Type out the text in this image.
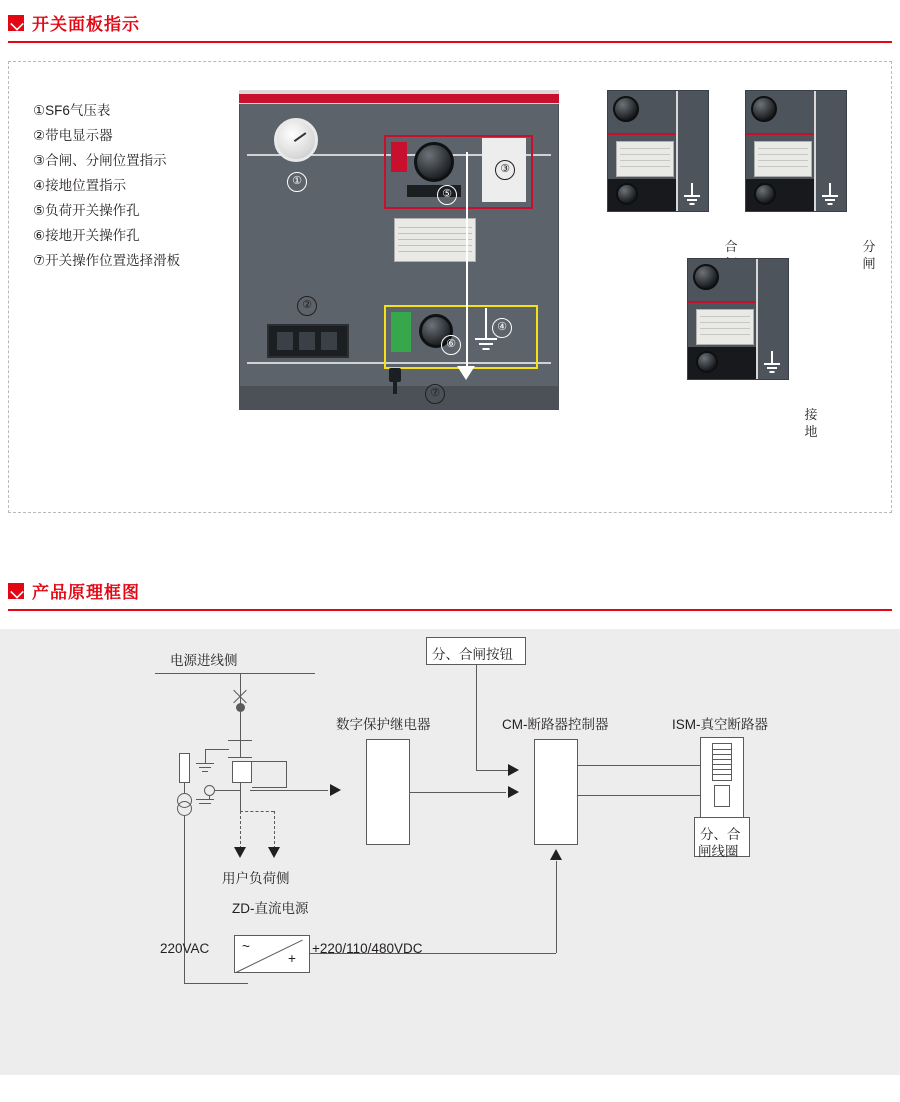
开关面板指示
①SF6气压表
②带电显示器
③合闸、分闸位置指示
④接地位置指示
⑤负荷开关操作孔
⑥接地开关操作孔
⑦开关操作位置选择滑板
①
③
⑤
⑥
④
②
⑦
合	分
闸
接
地
产品原理框图
电源进线侧
用户负荷侧
ZD-直流电源
数字保护继电器
分、合闸按钮
CM-断路器控制器	ISM-真空断路器
分、合
闸线圈
220VAC ~
+
+220/110/480VDC
